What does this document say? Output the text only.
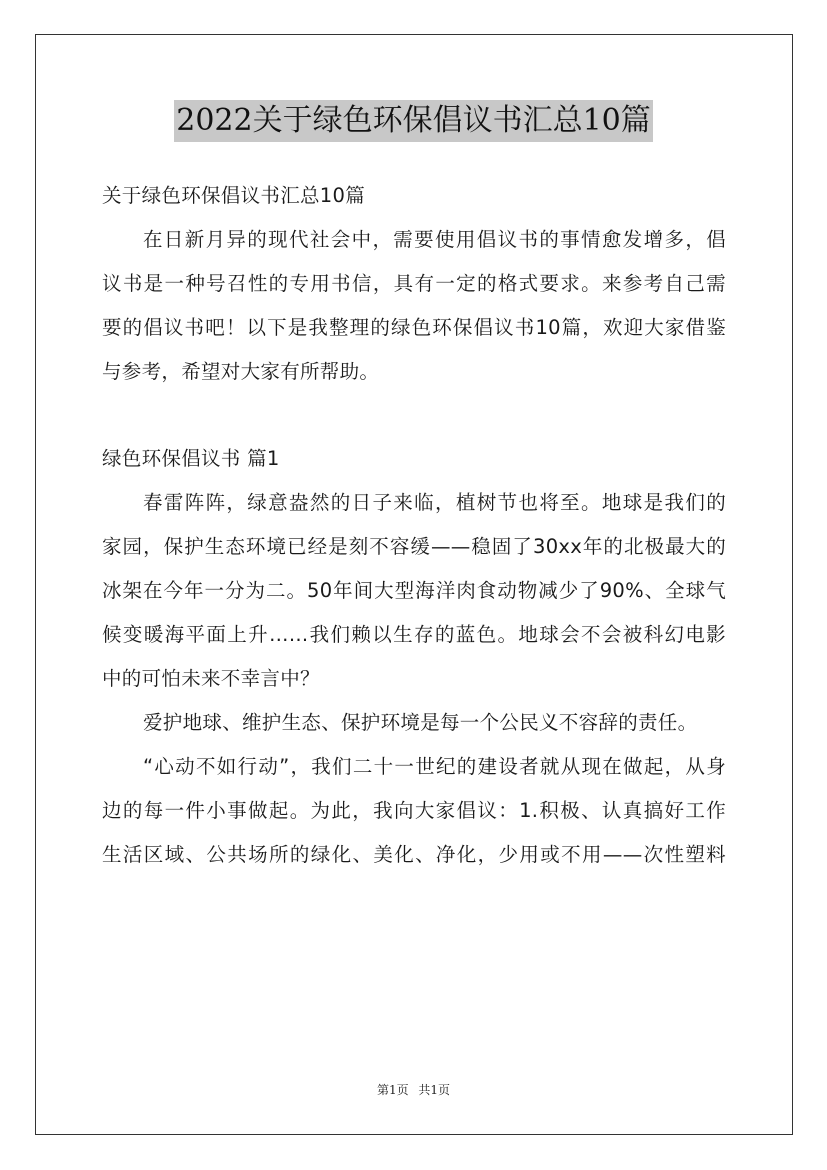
2022关于绿色环保倡议书汇总10篇
关于绿色环保倡议书汇总10篇
在日新月异的现代社会中，需要使用倡议书的事情愈发增多，倡
议书是一种号召性的专用书信，具有一定的格式要求。来参考自己需
要的倡议书吧！以下是我整理的绿色环保倡议书10篇，欢迎大家借鉴
与参考，希望对大家有所帮助。
绿色环保倡议书 篇1
春雷阵阵，绿意盎然的日子来临，植树节也将至。地球是我们的
家园，保护生态环境已经是刻不容缓——稳固了30xx年的北极最大的
冰架在今年一分为二。50年间大型海洋肉食动物减少了90%、全球气
候变暖海平面上升……我们赖以生存的蓝色。地球会不会被科幻电影
中的可怕未来不幸言中？
爱护地球、维护生态、保护环境是每一个公民义不容辞的责任。
“心动不如行动”，我们二十一世纪的建设者就从现在做起，从身
边的每一件小事做起。为此，我向大家倡议：1.积极、认真搞好工作
生活区域、公共场所的绿化、美化、净化，少用或不用——次性塑料
第1页 共1页
